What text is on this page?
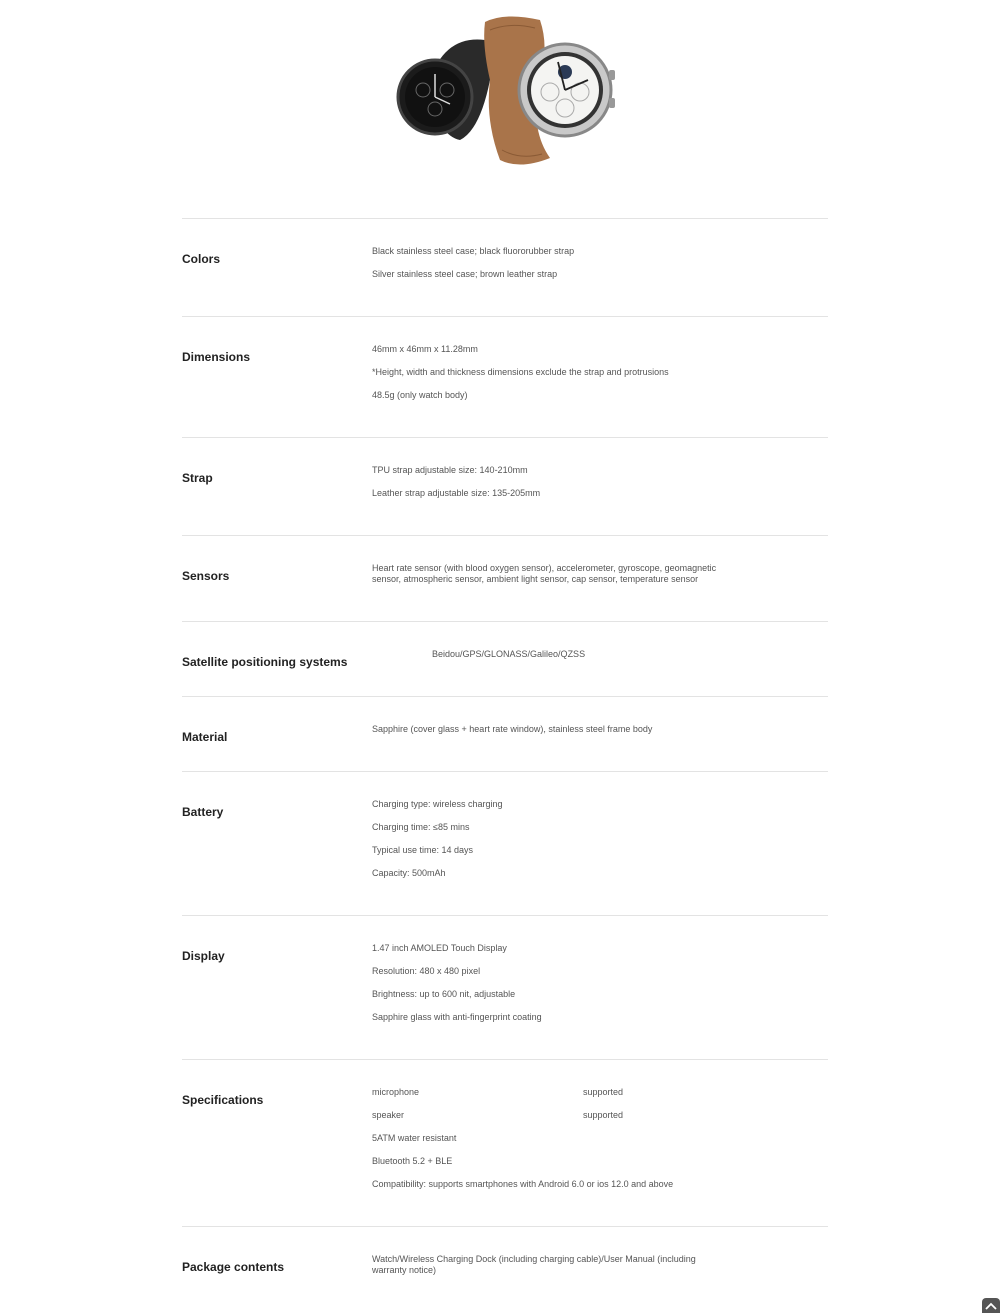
Colors
Black stainless steel case; black fluororubber strap
Silver stainless steel case; brown leather strap
Dimensions
46mm x 46mm x 11.28mm
*Height, width and thickness dimensions exclude the strap and protrusions
48.5g (only watch body)
Strap
TPU strap adjustable size: 140-210mm
Leather strap adjustable size: 135-205mm
Sensors
Heart rate sensor (with blood oxygen sensor), accelerometer, gyroscope, geomagnetic sensor, atmospheric sensor, ambient light sensor, cap sensor, temperature sensor
Satellite positioning systems
Beidou/GPS/GLONASS/Galileo/QZSS
Material
Sapphire (cover glass + heart rate window), stainless steel frame body
Battery
Charging type: wireless charging
Charging time: ≤85 mins
Typical use time: 14 days
Capacity: 500mAh
Display
1.47 inch AMOLED Touch Display
Resolution: 480 x 480 pixel
Brightness: up to 600 nit, adjustable
Sapphire glass with anti-fingerprint coating
Specifications
microphone	supported
speaker	supported
5ATM water resistant
Bluetooth 5.2 + BLE
Compatibility: supports smartphones with Android 6.0 or ios 12.0 and above
Package contents
Watch/Wireless Charging Dock (including charging cable)/User Manual (including warranty notice)
